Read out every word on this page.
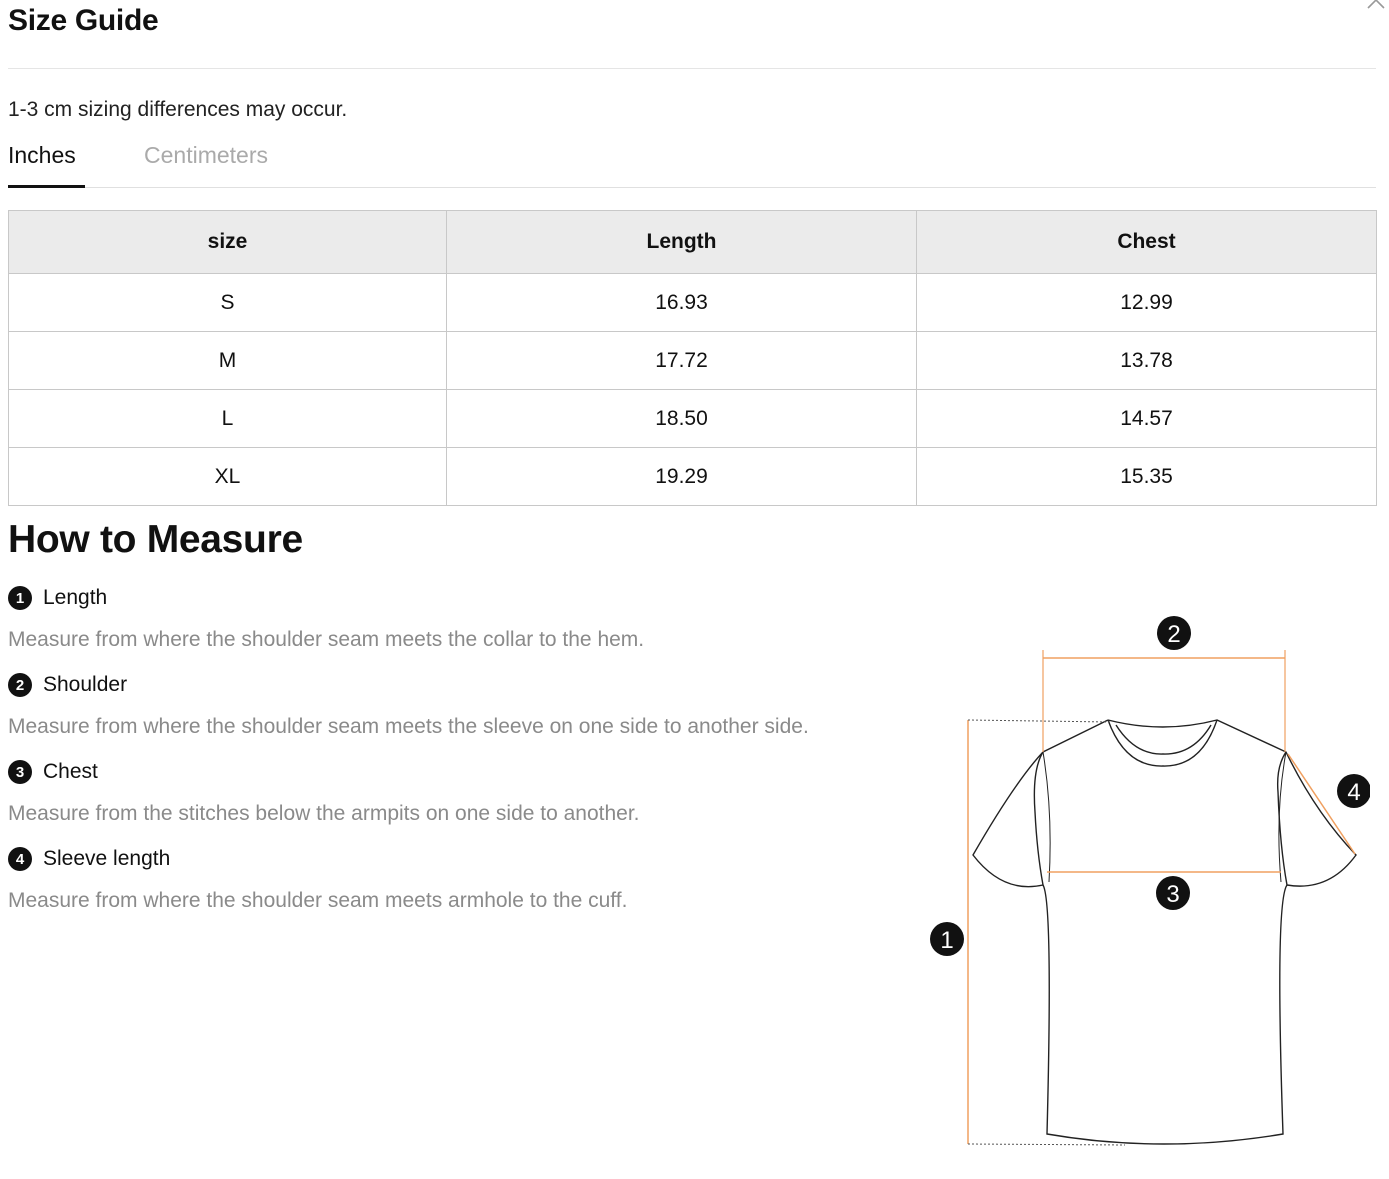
Size Guide

1-3 cm sizing differences may occur.

Inches	Centimeters
size	Length	Chest
S	16.93	12.99
M	17.72	13.78
L	18.50	14.57
XL	19.29	15.35
How to Measure
1 Length

Measure from where the shoulder seam meets the collar to the hem.

2 Shoulder

Measure from where the shoulder seam meets the sleeve on one side to another side.

3 Chest

Measure from the stitches below the armpits on one side to another.

4 Sleeve length

Measure from where the shoulder seam meets armhole to the cuff.

1
2
3
4
